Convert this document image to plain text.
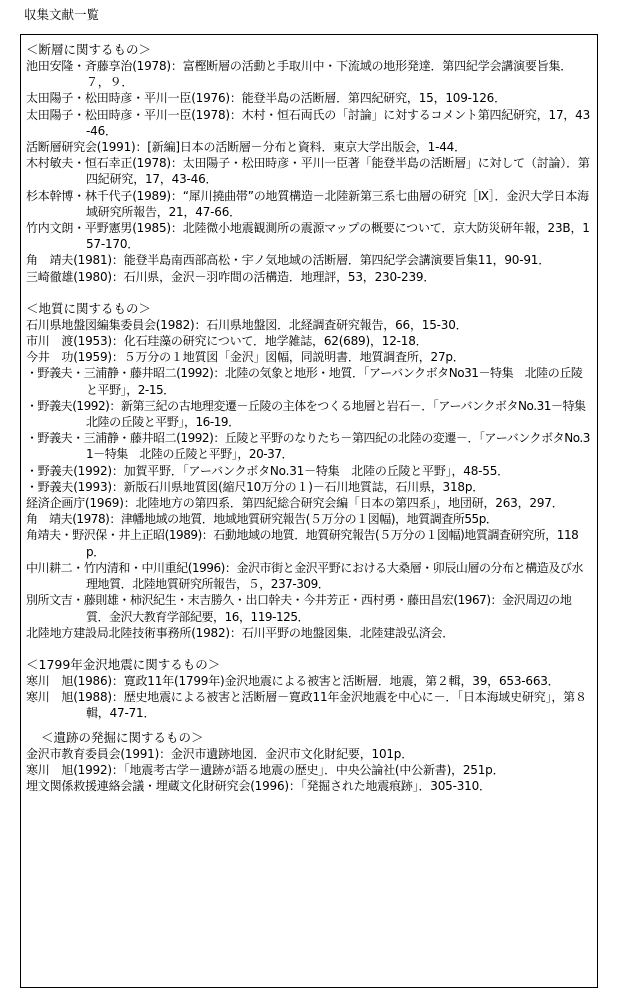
収集文献一覧
＜断層に関するもの＞
池田安隆・斉藤享治(1978)：富樫断層の活動と手取川中・下流域の地形発達．第四紀学会講演要旨集．７，９．
太田陽子・松田時彦・平川一臣(1976)：能登半島の活断層．第四紀研究，15，109-126．
太田陽子・松田時彦・平川一臣(1978)：木村・恒石両氏の「討論」に対するコメント第四紀研究，17，43-46．
活断層研究会(1991)：[新編]日本の活断層－分布と資料．東京大学出版会，1-44．
木村敏夫・恒石幸正(1978)：太田陽子・松田時彦・平川一臣著「能登半島の活断層」に対して（討論）．第四紀研究，17，43-46．
杉本幹博・林千代子(1989)：“犀川撓曲帯”の地質構造－北陸新第三系七曲層の研究［Ⅸ］．金沢大学日本海域研究所報告，21，47-66．
竹内文朗・平野憲男(1985)：北陸微小地震観測所の震源マップの概要について．京大防災研年報，23B，157-170．
角　靖夫(1981)：能登半島南西部高松・宇ノ気地域の活断層．第四紀学会講演要旨集11，90-91．
三崎徹雄(1980)：石川県，金沢－羽咋間の活構造．地理評，53，230-239．
＜地質に関するもの＞
石川県地盤図編集委員会(1982)：石川県地盤図．北経調査研究報告，66，15-30．
市川　渡(1953)：化石珪藻の研究について．地学雑誌，62(689)，12-18．
今井　功(1959)：５万分の１地質図「金沢」図幅，同説明書．地質調査所，27p．
・野義夫・三浦静・藤井昭二(1992)：北陸の気象と地形・地質．「アーバンクボタNo31－特集　北陸の丘陵と平野」，2-15．
・野義夫(1992)：新第三紀の古地理変遷－丘陵の主体をつくる地層と岩石－．「アーバンクボタNo.31－特集　北陸の丘陵と平野」，16-19．
・野義夫・三浦静・藤井昭二(1992)：丘陵と平野のなりたち－第四紀の北陸の変遷－．「アーバンクボタNo.31－特集　北陸の丘陵と平野」，20-37．
・野義夫(1992)：加賀平野．「アーバンクボタNo.31－特集　北陸の丘陵と平野」，48-55．
・野義夫(1993)：新版石川県地質図(縮尺10万分の１)－石川地質誌，石川県，318p．
経済企画庁(1969)：北陸地方の第四系．第四紀総合研究会編「日本の第四系」，地団研，263，297．
角　靖夫(1978)：津幡地域の地質．地域地質研究報告(５万分の１図幅)，地質調査所55p．
角靖夫・野沢保・井上正昭(1989)：石動地域の地質．地質研究報告(５万分の１図幅)地質調査研究所，118p．
中川耕二・竹内清和・中川重紀(1996)：金沢市街と金沢平野における大桑層・卯辰山層の分布と構造及び水理地質．北陸地質研究所報告，５，237-309．
別所文吉・藤則雄・柿沢紀生・末吉勝久・出口幹夫・今井芳正・西村勇・藤田昌宏(1967)：金沢周辺の地質．金沢大教育学部紀要，16，119-125．
北陸地方建設局北陸技術事務所(1982)：石川平野の地盤図集．北陸建設弘済会．
＜1799年金沢地震に関するもの＞
寒川　旭(1986)：寛政11年(1799年)金沢地震による被害と活断層．地震，第２輯，39，653-663．
寒川　旭(1988)：歴史地震による被害と活断層－寛政11年金沢地震を中心に－．「日本海域史研究」，第８輯，47-71．
＜遺跡の発掘に関するもの＞
金沢市教育委員会(1991)：金沢市遺跡地図．金沢市文化財紀要，101p．
寒川　旭(1992)：「地震考古学－遺跡が語る地震の歴史」．中央公論社(中公新書)，251p．
埋文関係救援連絡会議・埋蔵文化財研究会(1996)：「発掘された地震痕跡」．305-310．
